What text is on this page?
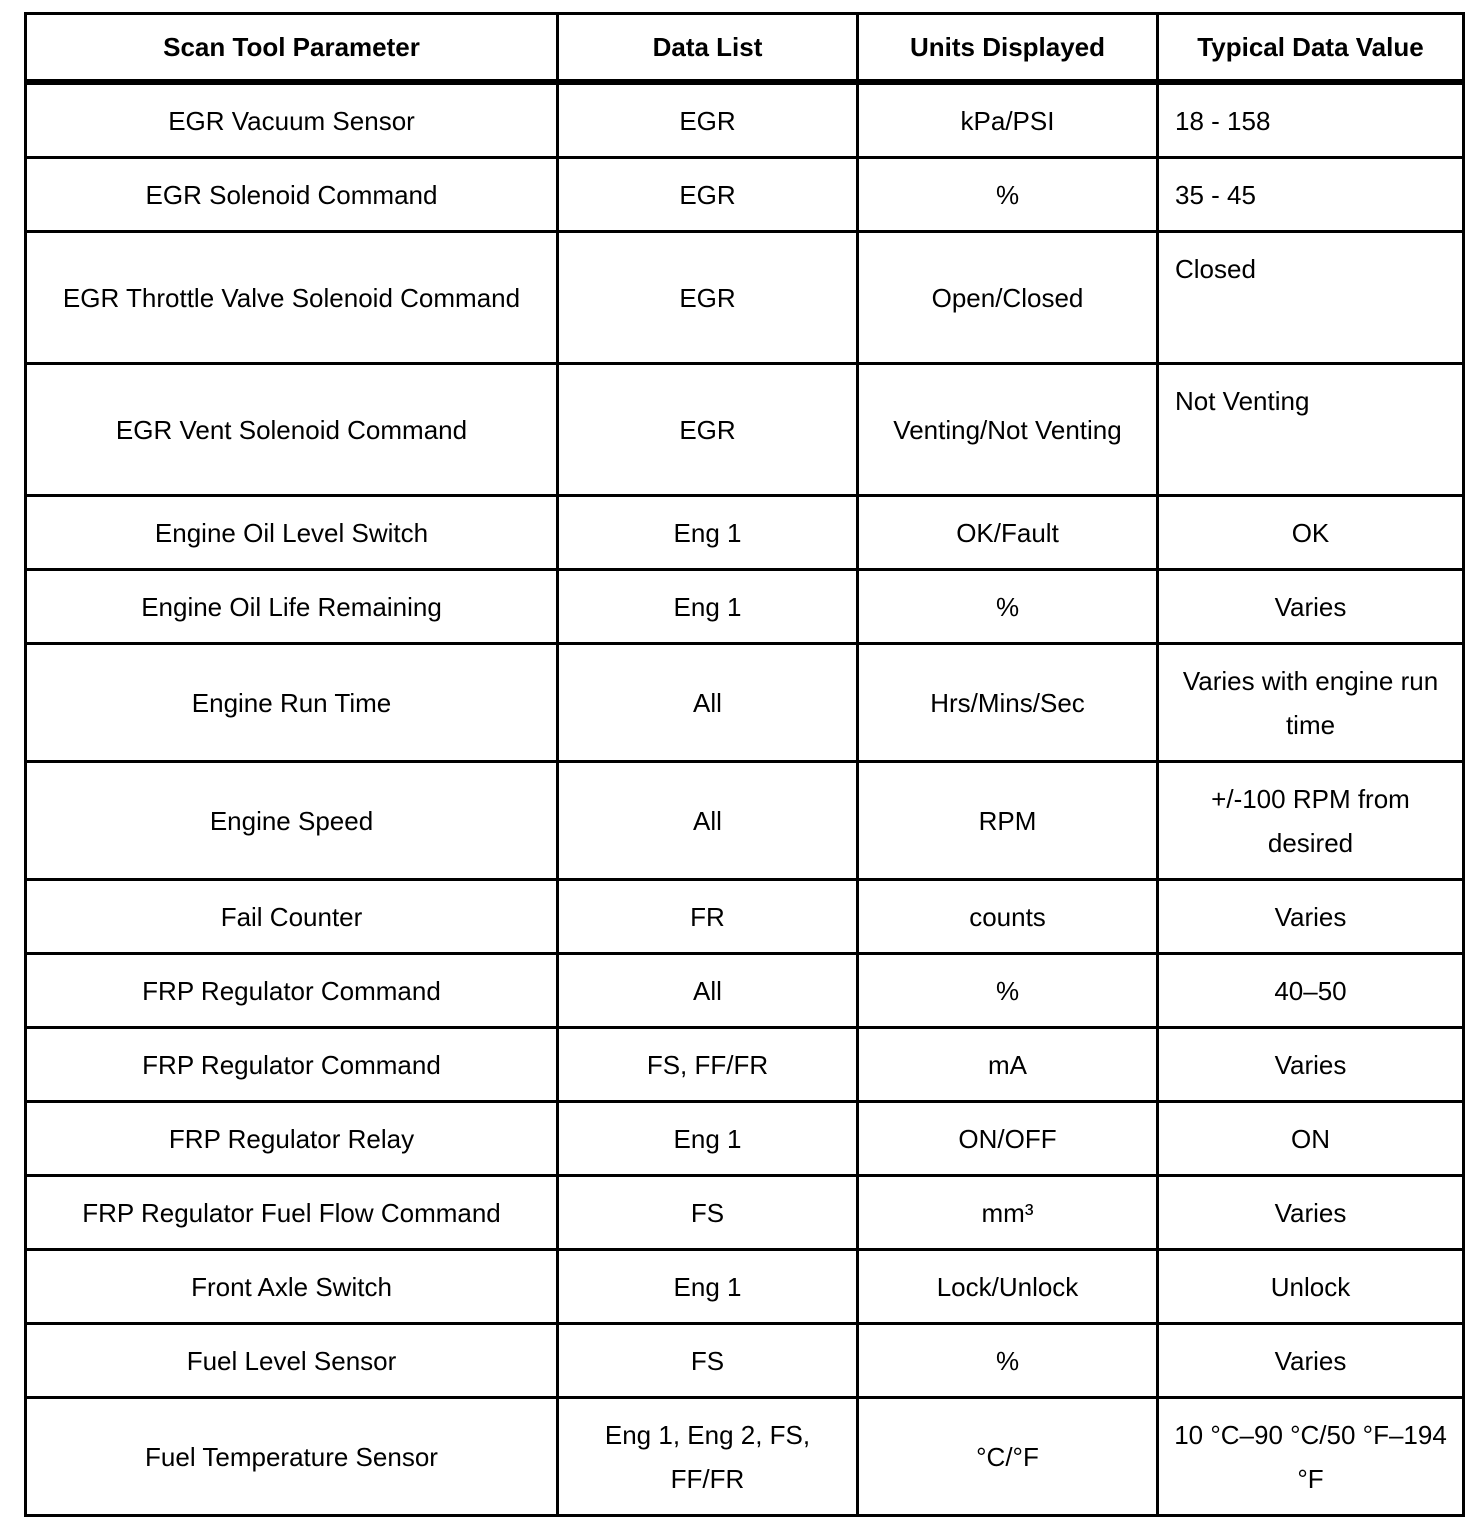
Scan Tool Parameter	Data List	Units Displayed	Typical Data Value
EGR Vacuum Sensor	EGR	kPa/PSI	18 - 158
EGR Solenoid Command	EGR	%	35 - 45
EGR Throttle Valve Solenoid Command	EGR	Open/Closed	Closed
EGR Vent Solenoid Command	EGR	Venting/Not Venting	Not Venting
Engine Oil Level Switch	Eng 1	OK/Fault	OK
Engine Oil Life Remaining	Eng 1	%	Varies
Engine Run Time	All	Hrs/Mins/Sec	Varies with engine run time
Engine Speed	All	RPM	+/-100 RPM from desired
Fail Counter	FR	counts	Varies
FRP Regulator Command	All	%	40–50
FRP Regulator Command	FS, FF/FR	mA	Varies
FRP Regulator Relay	Eng 1	ON/OFF	ON
FRP Regulator Fuel Flow Command	FS	mm³	Varies
Front Axle Switch	Eng 1	Lock/Unlock	Unlock
Fuel Level Sensor	FS	%	Varies
Fuel Temperature Sensor	Eng 1, Eng 2, FS, FF/FR	°C/°F	10 °C–90 °C/50 °F–194 °F
